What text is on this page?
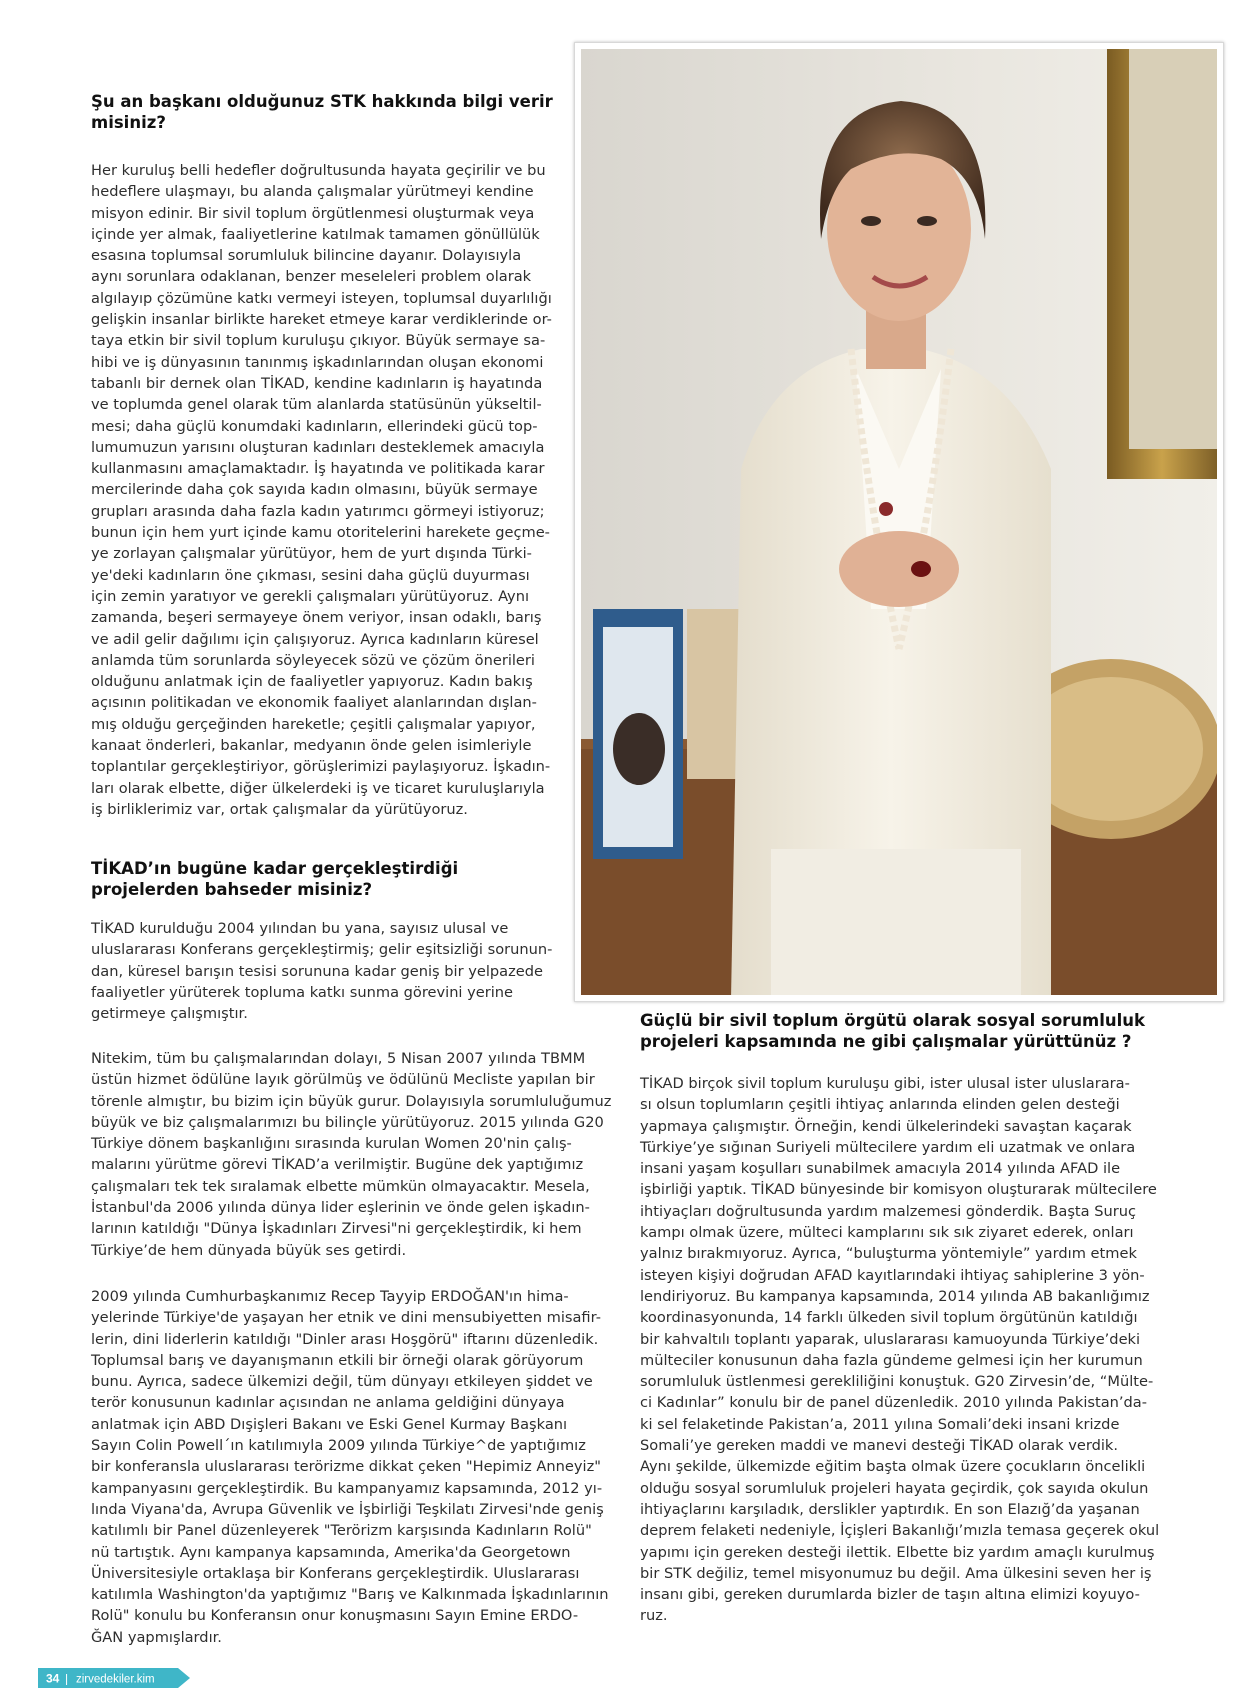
Şu an başkanı olduğunuz STK hakkında bilgi verir
misiniz?
Her kuruluş belli hedefler doğrultusunda hayata geçirilir ve bu
hedeflere ulaşmayı, bu alanda çalışmalar yürütmeyi kendine
misyon edinir. Bir sivil toplum örgütlenmesi oluşturmak veya
içinde yer almak, faaliyetlerine katılmak tamamen gönüllülük
esasına toplumsal sorumluluk bilincine dayanır. Dolayısıyla
aynı sorunlara odaklanan, benzer meseleleri problem olarak
algılayıp çözümüne katkı vermeyi isteyen, toplumsal duyarlılığı
gelişkin insanlar birlikte hareket etmeye karar verdiklerinde or-
taya etkin bir sivil toplum kuruluşu çıkıyor. Büyük sermaye sa-
hibi ve iş dünyasının tanınmış işkadınlarından oluşan ekonomi
tabanlı bir dernek olan TİKAD, kendine kadınların iş hayatında
ve toplumda genel olarak tüm alanlarda statüsünün yükseltil-
mesi; daha güçlü konumdaki kadınların, ellerindeki gücü top-
lumumuzun yarısını oluşturan kadınları desteklemek amacıyla
kullanmasını amaçlamaktadır. İş hayatında ve politikada karar
mercilerinde daha çok sayıda kadın olmasını, büyük sermaye
grupları arasında daha fazla kadın yatırımcı görmeyi istiyoruz;
bunun için hem yurt içinde kamu otoritelerini harekete geçme-
ye zorlayan çalışmalar yürütüyor, hem de yurt dışında Türki-
ye'deki kadınların öne çıkması, sesini daha güçlü duyurması
için zemin yaratıyor ve gerekli çalışmaları yürütüyoruz. Aynı
zamanda, beşeri sermayeye önem veriyor, insan odaklı, barış
ve adil gelir dağılımı için çalışıyoruz. Ayrıca kadınların küresel
anlamda tüm sorunlarda söyleyecek sözü ve çözüm önerileri
olduğunu anlatmak için de faaliyetler yapıyoruz. Kadın bakış
açısının politikadan ve ekonomik faaliyet alanlarından dışlan-
mış olduğu gerçeğinden hareketle; çeşitli çalışmalar yapıyor,
kanaat önderleri, bakanlar, medyanın önde gelen isimleriyle
toplantılar gerçekleştiriyor, görüşlerimizi paylaşıyoruz. İşkadın-
ları olarak elbette, diğer ülkelerdeki iş ve ticaret kuruluşlarıyla
iş birliklerimiz var, ortak çalışmalar da yürütüyoruz.
TİKAD’ın bugüne kadar gerçekleştirdiği
projelerden bahseder misiniz?
TİKAD kurulduğu 2004 yılından bu yana, sayısız ulusal ve
uluslararası Konferans gerçekleştirmiş; gelir eşitsizliği sorunun-
dan, küresel barışın tesisi sorununa kadar geniş bir yelpazede
faaliyetler yürüterek topluma katkı sunma görevini yerine
getirmeye çalışmıştır.
Nitekim, tüm bu çalışmalarından dolayı, 5 Nisan 2007 yılında TBMM
üstün hizmet ödülüne layık görülmüş ve ödülünü Mecliste yapılan bir
törenle almıştır, bu bizim için büyük gurur. Dolayısıyla sorumluluğumuz
büyük ve biz çalışmalarımızı bu bilinçle yürütüyoruz. 2015 yılında G20
Türkiye dönem başkanlığını sırasında kurulan Women 20'nin çalış-
malarını yürütme görevi TİKAD’a verilmiştir. Bugüne dek yaptığımız
çalışmaları tek tek sıralamak elbette mümkün olmayacaktır. Mesela,
İstanbul'da 2006 yılında dünya lider eşlerinin ve önde gelen işkadın-
larının katıldığı "Dünya İşkadınları Zirvesi"ni gerçekleştirdik, ki hem
Türkiye’de hem dünyada büyük ses getirdi.
2009 yılında Cumhurbaşkanımız Recep Tayyip ERDOĞAN'ın hima-
yelerinde Türkiye'de yaşayan her etnik ve dini mensubiyetten misafir-
lerin, dini liderlerin katıldığı "Dinler arası Hoşgörü" iftarını düzenledik.
Toplumsal barış ve dayanışmanın etkili bir örneği olarak görüyorum
bunu. Ayrıca, sadece ülkemizi değil, tüm dünyayı etkileyen şiddet ve
terör konusunun kadınlar açısından ne anlama geldiğini dünyaya
anlatmak için ABD Dışişleri Bakanı ve Eski Genel Kurmay Başkanı
Sayın Colin Powell´ın katılımıyla 2009 yılında Türkiye^de yaptığımız
bir konferansla uluslararası terörizme dikkat çeken "Hepimiz Anneyiz"
kampanyasını gerçekleştirdik. Bu kampanyamız kapsamında, 2012 yı-
lında Viyana'da, Avrupa Güvenlik ve İşbirliği Teşkilatı Zirvesi'nde geniş
katılımlı bir Panel düzenleyerek "Terörizm karşısında Kadınların Rolü"
nü tartıştık. Aynı kampanya kapsamında, Amerika'da Georgetown
Üniversitesiyle ortaklaşa bir Konferans gerçekleştirdik. Uluslararası
katılımla Washington'da yaptığımız "Barış ve Kalkınmada İşkadınlarının
Rolü" konulu bu Konferansın onur konuşmasını Sayın Emine ERDO-
ĞAN yapmışlardır.
Güçlü bir sivil toplum örgütü olarak sosyal sorumluluk
projeleri kapsamında ne gibi çalışmalar yürüttünüz ?
TİKAD birçok sivil toplum kuruluşu gibi, ister ulusal ister uluslarara-
sı olsun toplumların çeşitli ihtiyaç anlarında elinden gelen desteği
yapmaya çalışmıştır. Örneğin, kendi ülkelerindeki savaştan kaçarak
Türkiye’ye sığınan Suriyeli mültecilere yardım eli uzatmak ve onlara
insani yaşam koşulları sunabilmek amacıyla 2014 yılında AFAD ile
işbirliği yaptık. TİKAD bünyesinde bir komisyon oluşturarak mültecilere
ihtiyaçları doğrultusunda yardım malzemesi gönderdik. Başta Suruç
kampı olmak üzere, mülteci kamplarını sık sık ziyaret ederek, onları
yalnız bırakmıyoruz. Ayrıca, “buluşturma yöntemiyle” yardım etmek
isteyen kişiyi doğrudan AFAD kayıtlarındaki ihtiyaç sahiplerine 3 yön-
lendiriyoruz. Bu kampanya kapsamında, 2014 yılında AB bakanlığımız
koordinasyonunda, 14 farklı ülkeden sivil toplum örgütünün katıldığı
bir kahvaltılı toplantı yaparak, uluslararası kamuoyunda Türkiye’deki
mülteciler konusunun daha fazla gündeme gelmesi için her kurumun
sorumluluk üstlenmesi gerekliliğini konuştuk. G20 Zirvesin’de, “Mülte-
ci Kadınlar” konulu bir de panel düzenledik. 2010 yılında Pakistan’da-
ki sel felaketinde Pakistan’a, 2011 yılına Somali’deki insani krizde
Somali’ye gereken maddi ve manevi desteği TİKAD olarak verdik.
Aynı şekilde, ülkemizde eğitim başta olmak üzere çocukların öncelikli
olduğu sosyal sorumluluk projeleri hayata geçirdik, çok sayıda okulun
ihtiyaçlarını karşıladık, derslikler yaptırdık. En son Elazığ’da yaşanan
deprem felaketi nedeniyle, İçişleri Bakanlığı’mızla temasa geçerek okul
yapımı için gereken desteği ilettik. Elbette biz yardım amaçlı kurulmuş
bir STK değiliz, temel misyonumuz bu değil. Ama ülkesini seven her iş
insanı gibi, gereken durumlarda bizler de taşın altına elimizi koyuyo-
ruz.
34 | zirvedekiler.kim
